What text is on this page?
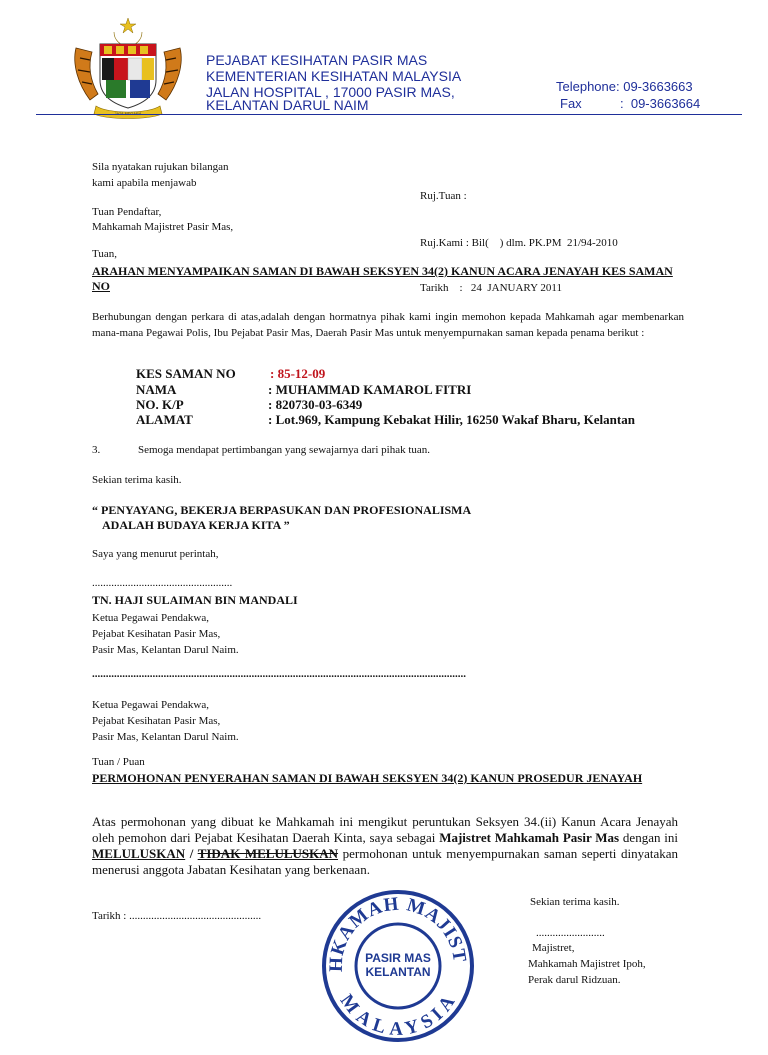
JATA NEGARA
PEJABAT KESIHATAN PASIR MAS
KEMENTERIAN KESIHATAN MALAYSIA
JALAN HOSPITAL , 17000 PASIR MAS,
KELANTAN DARUL NAIM
Telephone: 09-3663663
Fax	:  09-3663664
Sila nyatakan rujukan bilangan
kami apabila menjawab

Ruj.Tuan :

Ruj.Kami : Bil(    ) dlm. PK.PM  21/94-2010

Tarikh    :   24  JANUARY 2011

Tuan Pendaftar,
Mahkamah Majistret Pasir Mas,
Tuan,
ARAHAN MENYAMPAIKAN SAMAN DI BAWAH SEKSYEN 34(2) KANUN ACARA JENAYAH KES SAMAN NO

Berhubungan dengan perkara di atas,adalah dengan hormatnya pihak kami ingin memohon kepada Mahkamah agar membenarkan mana-mana Pegawai Polis, Ibu Pejabat Pasir Mas, Daerah Pasir Mas untuk menyempurnakan saman kepada penama berikut :

KES SAMAN NO	: 85-12-09
NAMA	: MUHAMMAD KAMAROL FITRI
NO. K/P	: 820730-03-6349
ALAMAT	: Lot.969, Kampung Kebakat Hilir, 16250 Wakaf Bharu, Kelantan
3.	Semoga mendapat pertimbangan yang sewajarnya dari pihak tuan.
Sekian terima kasih.
“ PENYAYANG, BEKERJA BERPASUKAN DAN PROFESIONALISMA
ADALAH BUDAYA KERJA KITA ”
Saya yang menurut perintah,
...................................................
TN. HAJI SULAIMAN BIN MANDALI
Ketua Pegawai Pendakwa,
Pejabat Kesihatan Pasir Mas,
Pasir Mas, Kelantan Darul Naim.
........................................................................................................................................
Ketua Pegawai Pendakwa,
Pejabat Kesihatan Pasir Mas,
Pasir Mas, Kelantan Darul Naim.
Tuan / Puan
PERMOHONAN PENYERAHAN SAMAN DI BAWAH SEKSYEN 34(2) KANUN PROSEDUR JENAYAH

Atas permohonan yang dibuat ke Mahkamah ini mengikut peruntukan Seksyen 34.(ii) Kanun Acara Jenayah oleh pemohon dari Pejabat Kesihatan Daerah Kinta, saya sebagai Majistret Mahkamah Pasir Mas dengan ini MELULUSKAN / TIDAK MELULUSKAN permohonan untuk menyempurnakan saman seperti dinyatakan menerusi anggota Jabatan Kesihatan yang berkenaan.

Tarikh : ................................................
Sekian terima kasih.
.........................
Majistret,
Mahkamah Majistret Ipoh,
Perak darul Ridzuan.
HKAMAH MAJIST
PASIR MAS
KELANTAN
MALAYSIA
